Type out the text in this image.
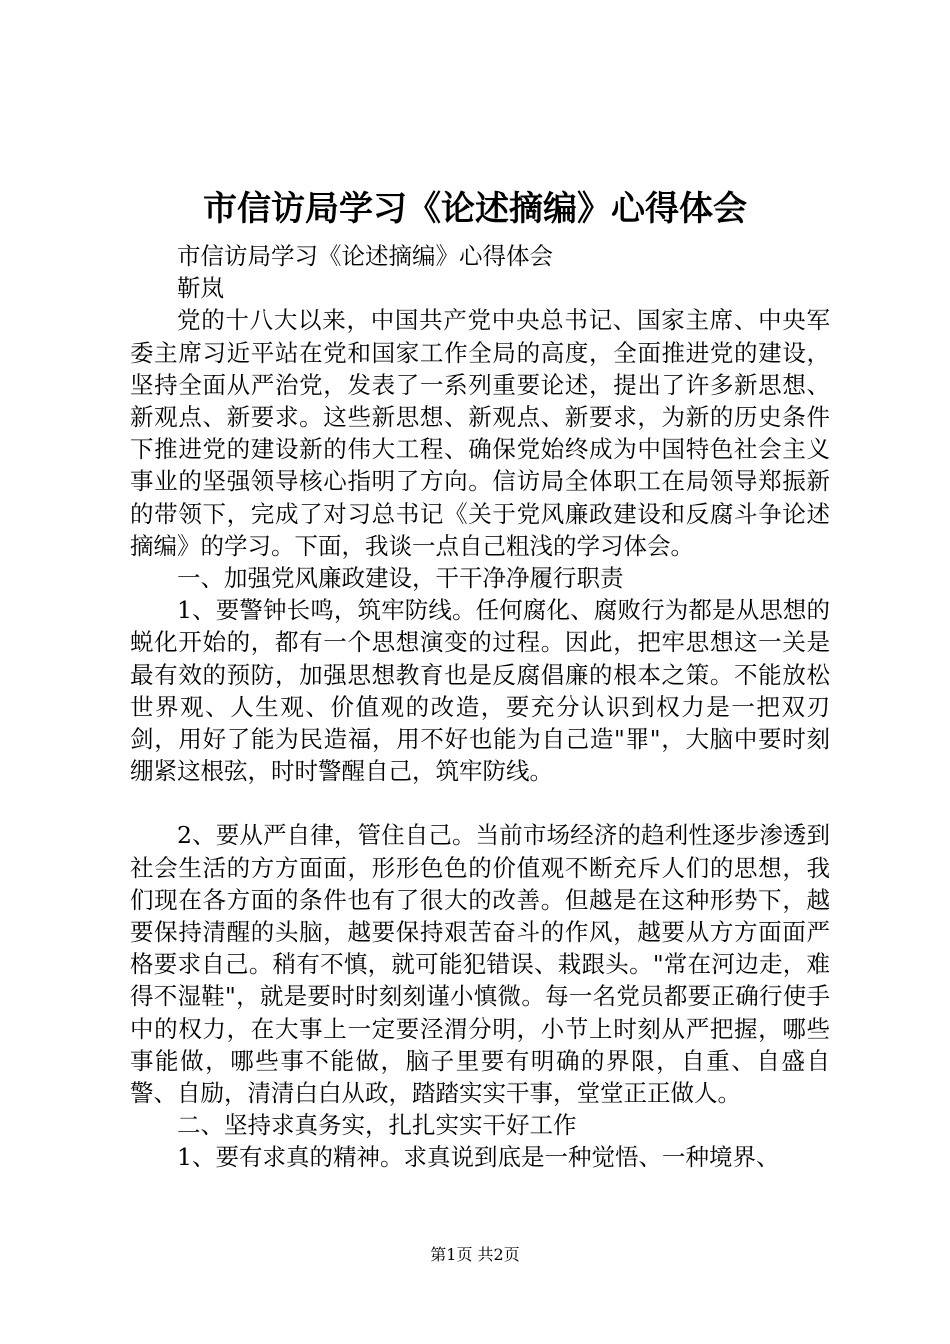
市信访局学习《论述摘编》心得体会

市信访局学习《论述摘编》心得体会

靳岚

党的十八大以来，中国共产党中央总书记、国家主席、中央军委主席习近平站在党和国家工作全局的高度，全面推进党的建设，坚持全面从严治党，发表了一系列重要论述，提出了许多新思想、新观点、新要求。这些新思想、新观点、新要求，为新的历史条件下推进党的建设新的伟大工程、确保党始终成为中国特色社会主义事业的坚强领导核心指明了方向。信访局全体职工在局领导郑振新的带领下，完成了对习总书记《关于党风廉政建设和反腐斗争论述摘编》的学习。下面，我谈一点自己粗浅的学习体会。

一、加强党风廉政建设，干干净净履行职责

1、要警钟长鸣，筑牢防线。任何腐化、腐败行为都是从思想的蜕化开始的，都有一个思想演变的过程。因此，把牢思想这一关是最有效的预防，加强思想教育也是反腐倡廉的根本之策。不能放松世界观、人生观、价值观的改造，要充分认识到权力是一把双刃剑，用好了能为民造福，用不好也能为自己造"罪"，大脑中要时刻绷紧这根弦，时时警醒自己，筑牢防线。

2、要从严自律，管住自己。当前市场经济的趋利性逐步渗透到社会生活的方方面面，形形色色的价值观不断充斥人们的思想，我们现在各方面的条件也有了很大的改善。但越是在这种形势下，越要保持清醒的头脑，越要保持艰苦奋斗的作风，越要从方方面面严格要求自己。稍有不慎，就可能犯错误、栽跟头。"常在河边走，难得不湿鞋"，就是要时时刻刻谨小慎微。每一名党员都要正确行使手中的权力，在大事上一定要泾渭分明，小节上时刻从严把握，哪些事能做，哪些事不能做，脑子里要有明确的界限，自重、自盛自警、自励，清清白白从政，踏踏实实干事，堂堂正正做人。

二、坚持求真务实，扎扎实实干好工作

1、要有求真的精神。求真说到底是一种觉悟、一种境界、

第1页 共2页
